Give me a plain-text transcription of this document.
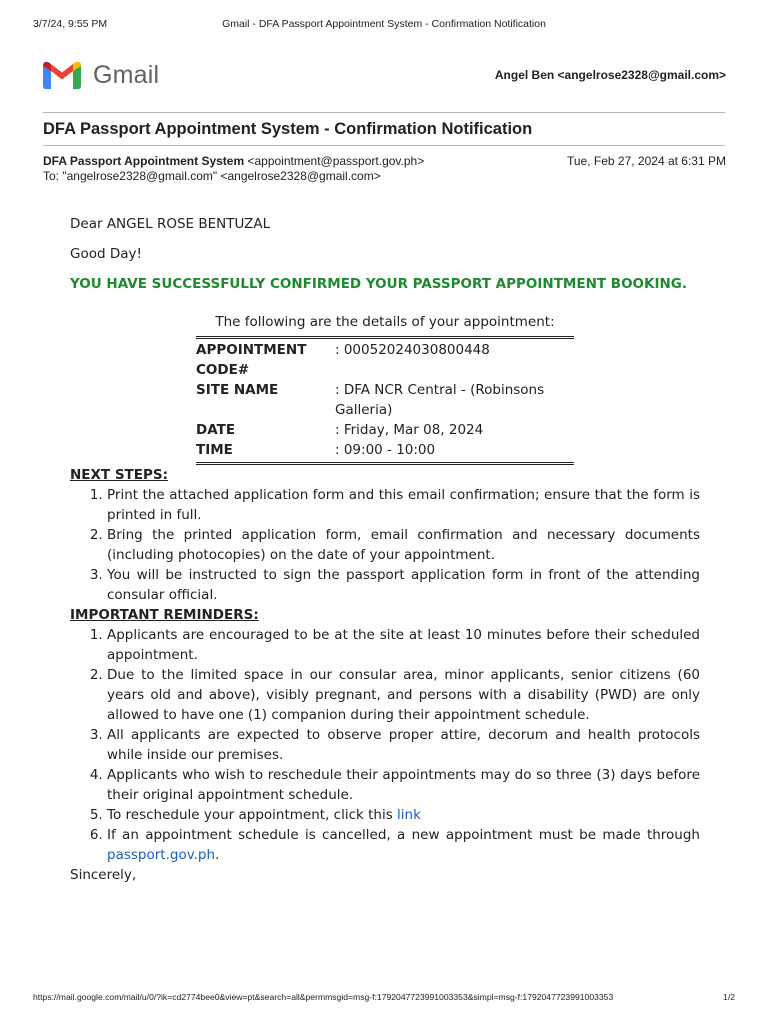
3/7/24, 9:55 PM	Gmail - DFA Passport Appointment System - Confirmation Notification
Gmail	Angel Ben <angelrose2328@gmail.com>
DFA Passport Appointment System - Confirmation Notification
DFA Passport Appointment System <appointment@passport.gov.ph>	Tue, Feb 27, 2024 at 6:31 PM
To: "angelrose2328@gmail.com" <angelrose2328@gmail.com>

Dear ANGEL ROSE BENTUZAL

Good Day!

YOU HAVE SUCCESSFULLY CONFIRMED YOUR PASSPORT APPOINTMENT BOOKING.

The following are the details of your appointment:

APPOINTMENT CODE#	: 00052024030800448
SITE NAME	: DFA NCR Central - (Robinsons Galleria)
DATE	: Friday, Mar 08, 2024
TIME	: 09:00 - 10:00

NEXT STEPS:

1. Print the attached application form and this email confirmation; ensure that the form is printed in full.
2. Bring the printed application form, email confirmation and necessary documents (including photocopies) on the date of your appointment.
3. You will be instructed to sign the passport application form in front of the attending consular official.

IMPORTANT REMINDERS:

1. Applicants are encouraged to be at the site at least 10 minutes before their scheduled appointment.
2. Due to the limited space in our consular area, minor applicants, senior citizens (60 years old and above), visibly pregnant, and persons with a disability (PWD) are only allowed to have one (1) companion during their appointment schedule.
3. All applicants are expected to observe proper attire, decorum and health protocols while inside our premises.
4. Applicants who wish to reschedule their appointments may do so three (3) days before their original appointment schedule.
5. To reschedule your appointment, click this link
6. If an appointment schedule is cancelled, a new appointment must be made through passport.gov.ph.

Sincerely,

https://mail.google.com/mail/u/0/?ik=cd2774bee0&view=pt&search=all&permmsgid=msg-f:1792047723991003353&simpl=msg-f:1792047723991003353	1/2
